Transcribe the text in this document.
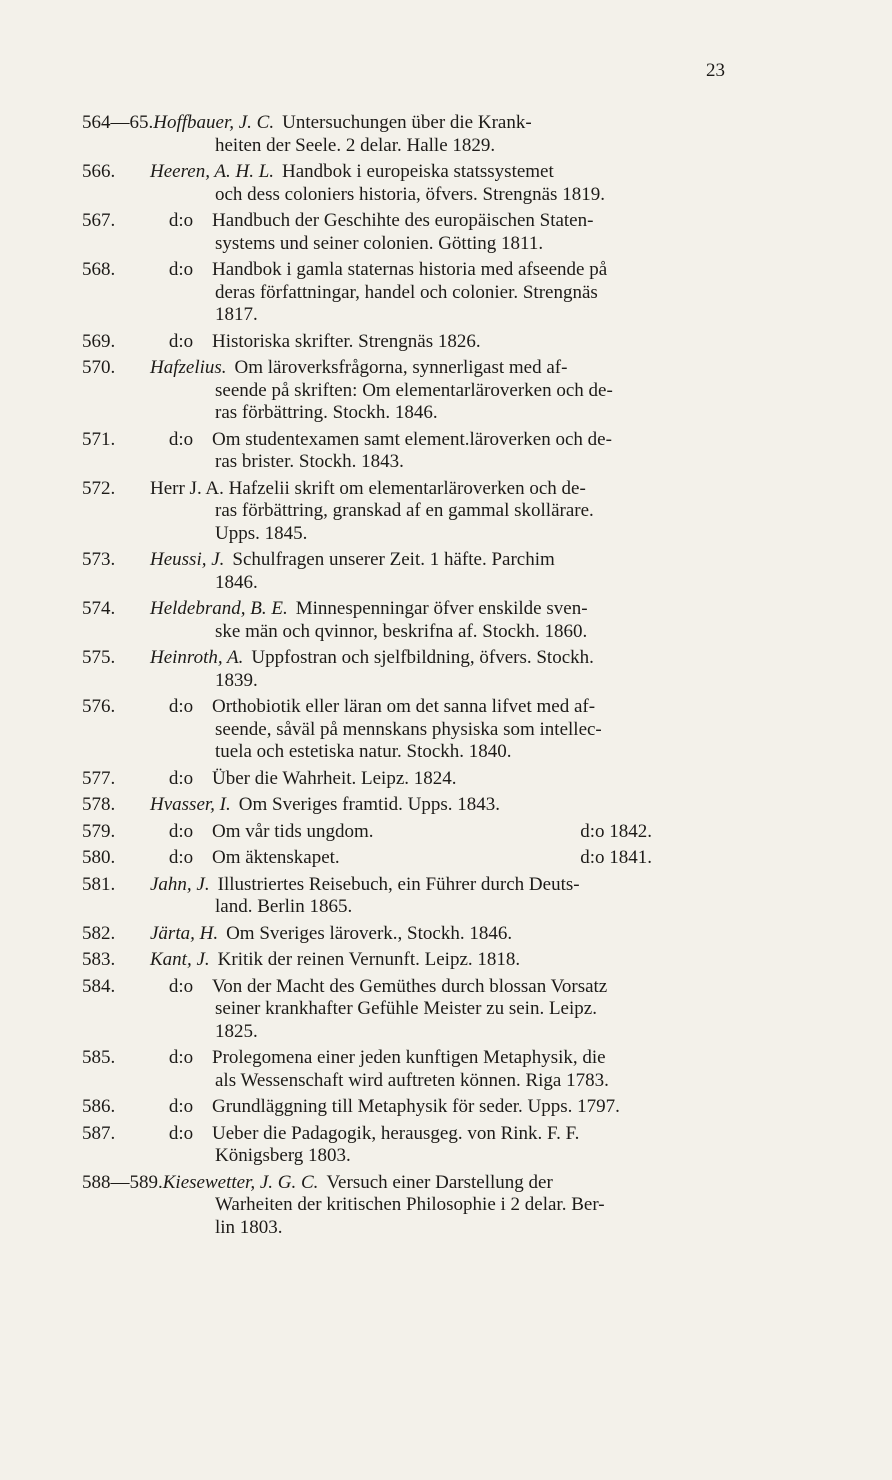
23
564—65. Hoffbauer, J. C. Untersuchungen über die Krank-
heiten der Seele. 2 delar. Halle 1829.
566.	Heeren, A. H. L. Handbok i europeiska statssystemet
och dess coloniers historia, öfvers. Strengnäs 1819.
567.	d:o Handbuch der Geschihte des europäischen Staten-
systems und seiner colonien. Götting 1811.
568.	d:o Handbok i gamla staternas historia med afseende på
deras författningar, handel och colonier. Strengnäs
1817.
569.	d:o Historiska skrifter. Strengnäs 1826.
570.	Hafzelius. Om läroverksfrågorna, synnerligast med af-
seende på skriften: Om elementarläroverken och de-
ras förbättring. Stockh. 1846.
571.	d:o Om studentexamen samt element.läroverken och de-
ras brister. Stockh. 1843.
572.	Herr J. A. Hafzelii skrift om elementarläroverken och de-
ras förbättring, granskad af en gammal skollärare.
Upps. 1845.
573.	Heussi, J. Schulfragen unserer Zeit. 1 häfte. Parchim
1846.
574.	Heldebrand, B. E. Minnespenningar öfver enskilde sven-
ske män och qvinnor, beskrifna af. Stockh. 1860.
575.	Heinroth, A. Uppfostran och sjelfbildning, öfvers. Stockh.
1839.
576.	d:o Orthobiotik eller läran om det sanna lifvet med af-
seende, såväl på mennskans physiska som intellec-
tuela och estetiska natur. Stockh. 1840.
577.	d:o Über die Wahrheit. Leipz. 1824.
578.	Hvasser, I. Om Sveriges framtid. Upps. 1843.
579.	d:o Om vår tids ungdom.	d:o 1842.
580.	d:o Om äktenskapet.	d:o 1841.
581.	Jahn, J. Illustriertes Reisebuch, ein Führer durch Deuts-
land. Berlin 1865.
582.	Järta, H. Om Sveriges läroverk., Stockh. 1846.
583.	Kant, J. Kritik der reinen Vernunft. Leipz. 1818.
584.	d:o Von der Macht des Gemüthes durch blossan Vorsatz
seiner krankhafter Gefühle Meister zu sein. Leipz.
1825.
585.	d:o Prolegomena einer jeden kunftigen Metaphysik, die
als Wessenschaft wird auftreten können. Riga 1783.
586.	d:o Grundläggning till Metaphysik för seder. Upps. 1797.
587.	d:o Ueber die Padagogik, herausgeg. von Rink. F. F.
Königsberg 1803.
588—589. Kiesewetter, J. G. C. Versuch einer Darstellung der
Warheiten der kritischen Philosophie i 2 delar. Ber-
lin 1803.
